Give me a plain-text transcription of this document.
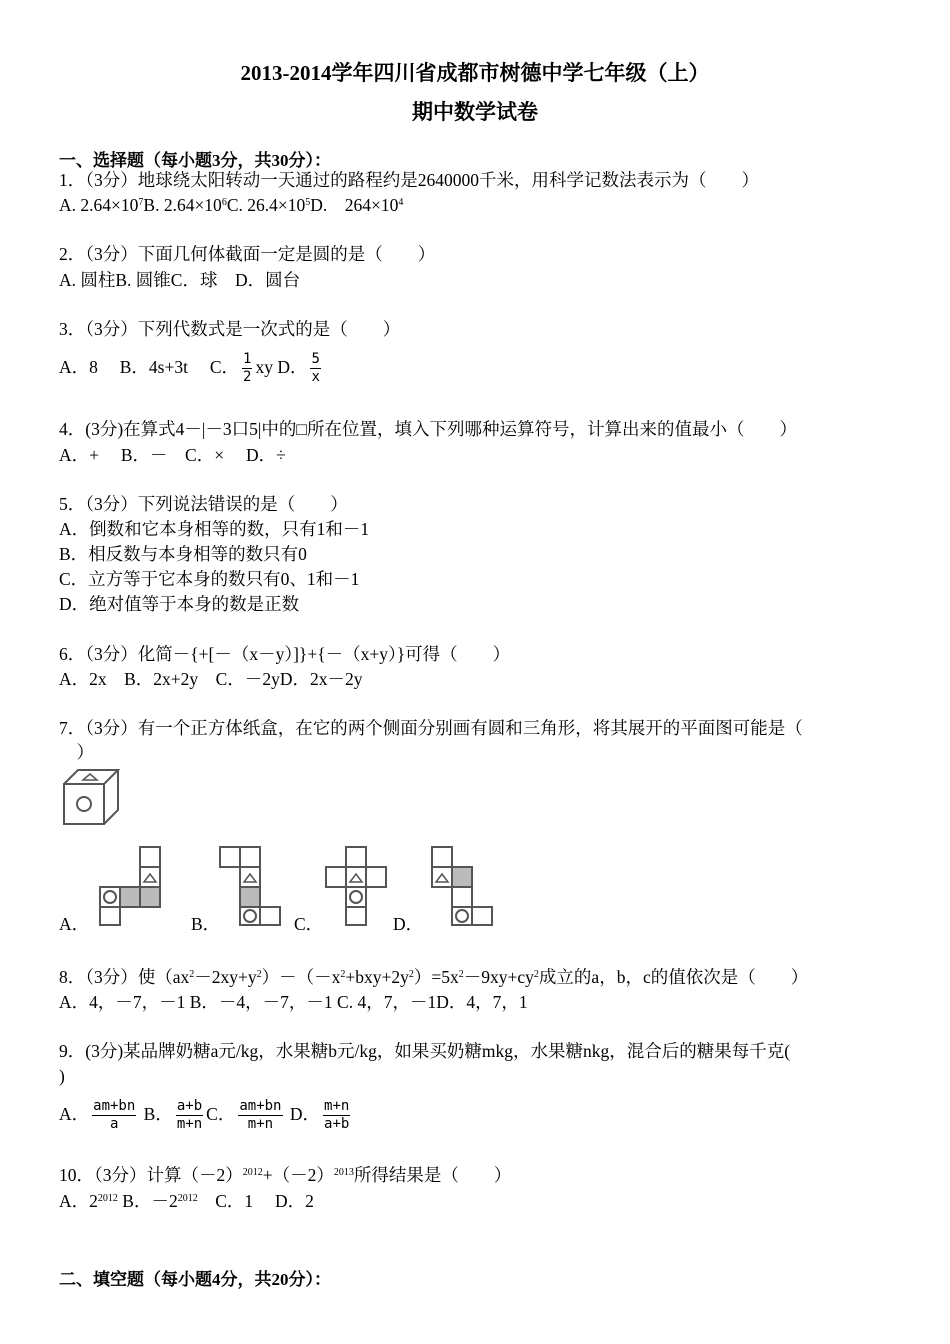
2013-2014学年四川省成都市树德中学七年级（上）
期中数学试卷
一、选择题（每小题3分，共30分）：
1．（3分）地球绕太阳转动一天通过的路程约是2640000千米，用科学记数法表示为（　　）
A. $2.64\times 10^7B$. $2.64\times 10^6C$. $26.4\times 10^5D$.　$264\times 10^4$
2．（3分）下面几何体截面一定是圆的是（　　）
A. 圆柱B. 圆锥C．球　D．圆台
3．（3分）下列代数式是一次式的是（　　）
A．8　 B．4s+3t　 C． $\frac{1}{2}$ xy D． $\frac{5}{x}$
4．(3分)在算式4－|－3口5|中的□所在位置，填入下列哪种运算符号，计算出来的值最小（　　）
A．+　 B．－　C．×　 D．÷
5．（3分）下列说法错误的是（　　）
A．倒数和它本身相等的数，只有1和－1
B．相反数与本身相等的数只有0
C．立方等于它本身的数只有0、1和－1
D．绝对值等于本身的数是正数
6．（3分）化简－{+[－（x－y）]}+{－（x+y）}可得（　　）
A．2x　B．2x+2y　C．－2yD．2x－2y
7．（3分）有一个正方体纸盒，在它的两个侧面分别画有圆和三角形，将其展开的平面图可能是（
　）
A．	B．	C．	D．
8．（3分）使$(ax^2-2xy+y^2)-(-x^2+bxy+2y^2)=5x^2-9xy+cy^2$成立的a，b，c的值依次是（　　）
A．4，－7，－1 B．－4，－7，－1 C. 4，7，－1D．4，7，1
9．(3分)某品牌奶糖a元/kg，水果糖b元/kg，如果买奶糖mkg，水果糖nkg，混合后的糖果每千克(
)
A． $\frac{am+bn}{a}$ B． $\frac{a+b}{m+n}$ C． $\frac{am+bn}{m+n}$ D． $\frac{m+n}{a+b}$
10．（3分）计算$(-2)^{2012}+(-2)^{2013}$所得结果是（　　）
A．$2^{2012}$ B．$-2^{2012}$　C．1　 D．2
二、填空题（每小题4分，共20分）：
